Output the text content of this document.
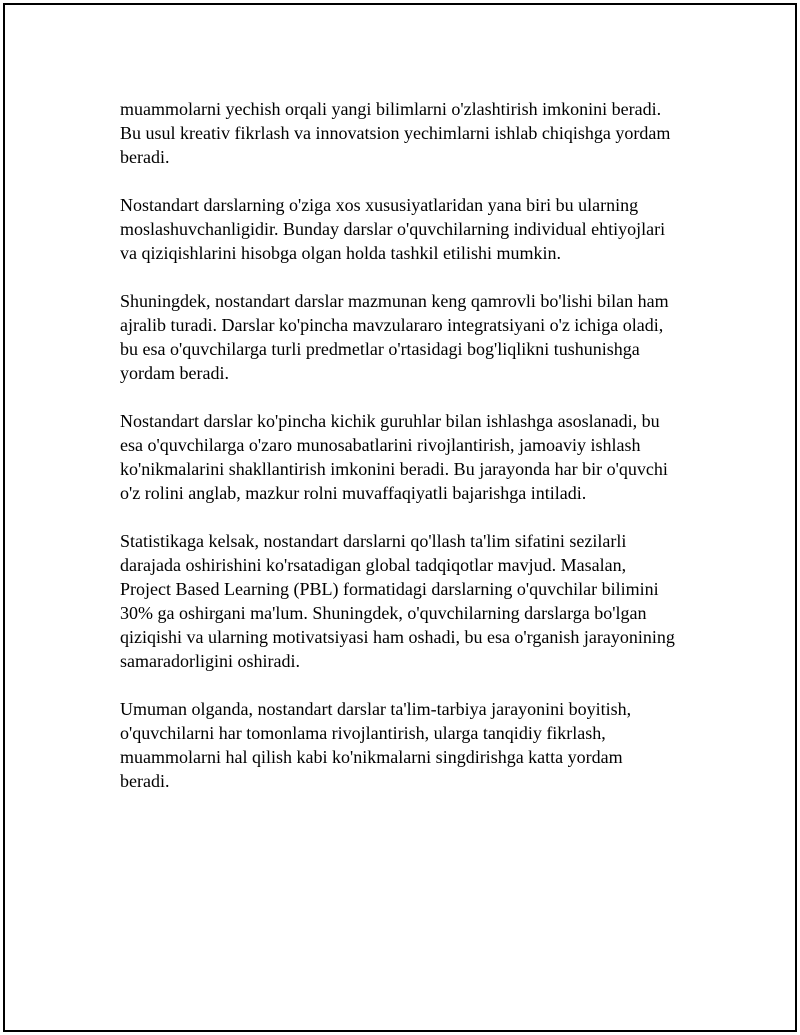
muammolarni yechish orqali yangi bilimlarni o'zlashtirish imkonini beradi.
Bu usul kreativ fikrlash va innovatsion yechimlarni ishlab chiqishga yordam
beradi.

Nostandart darslarning o'ziga xos xususiyatlaridan yana biri bu ularning
moslashuvchanligidir. Bunday darslar o'quvchilarning individual ehtiyojlari
va qiziqishlarini hisobga olgan holda tashkil etilishi mumkin.

Shuningdek, nostandart darslar mazmunan keng qamrovli bo'lishi bilan ham
ajralib turadi. Darslar ko'pincha mavzulararo integratsiyani o'z ichiga oladi,
bu esa o'quvchilarga turli predmetlar o'rtasidagi bog'liqlikni tushunishga
yordam beradi.

Nostandart darslar ko'pincha kichik guruhlar bilan ishlashga asoslanadi, bu
esa o'quvchilarga o'zaro munosabatlarini rivojlantirish, jamoaviy ishlash
ko'nikmalarini shakllantirish imkonini beradi. Bu jarayonda har bir o'quvchi
o'z rolini anglab, mazkur rolni muvaffaqiyatli bajarishga intiladi.

Statistikaga kelsak, nostandart darslarni qo'llash ta'lim sifatini sezilarli
darajada oshirishini ko'rsatadigan global tadqiqotlar mavjud. Masalan,
Project Based Learning (PBL) formatidagi darslarning o'quvchilar bilimini
30% ga oshirgani ma'lum. Shuningdek, o'quvchilarning darslarga bo'lgan
qiziqishi va ularning motivatsiyasi ham oshadi, bu esa o'rganish jarayonining
samaradorligini oshiradi.

Umuman olganda, nostandart darslar ta'lim-tarbiya jarayonini boyitish,
o'quvchilarni har tomonlama rivojlantirish, ularga tanqidiy fikrlash,
muammolarni hal qilish kabi ko'nikmalarni singdirishga katta yordam
beradi.
